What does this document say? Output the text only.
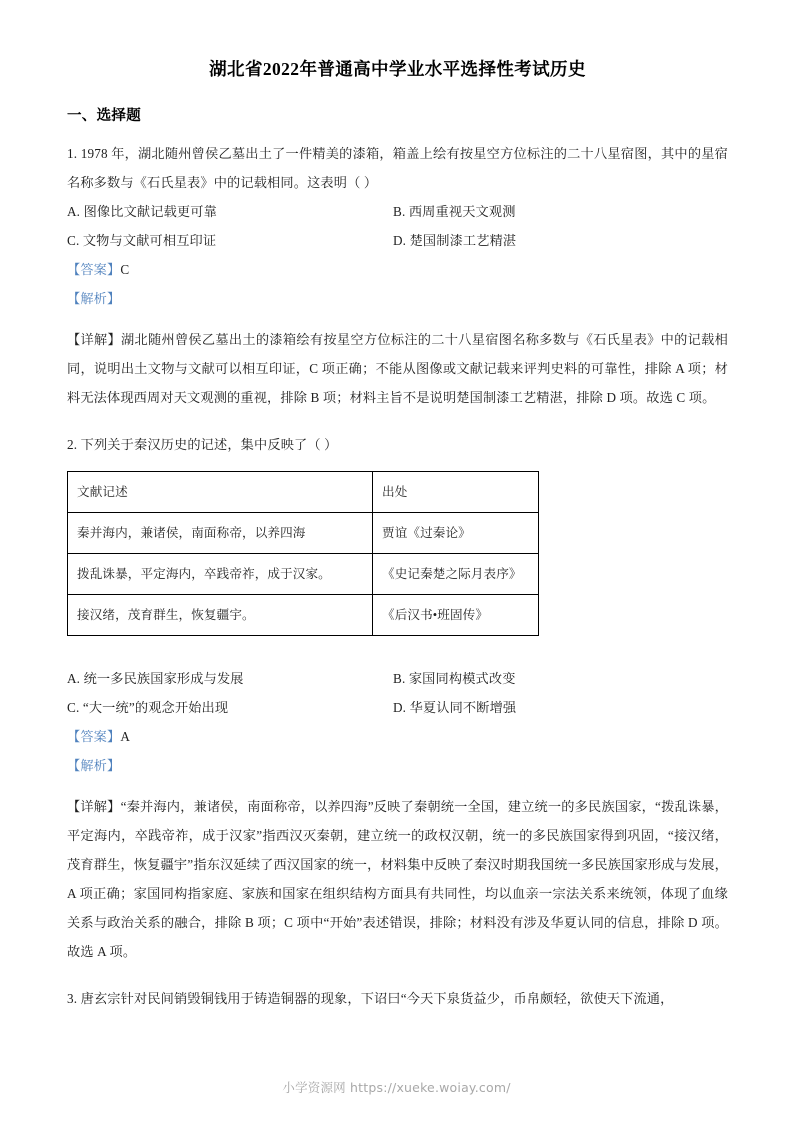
湖北省2022年普通高中学业水平选择性考试历史
一、选择题

1. 1978 年，湖北随州曾侯乙墓出土了一件精美的漆箱，箱盖上绘有按星空方位标注的二十八星宿图，其中的星宿名称多数与《石氏星表》中的记载相同。这表明（ ）

A. 图像比文献记载更可靠	B. 西周重视天文观测
C. 文物与文献可相互印证	D. 楚国制漆工艺精湛
【答案】C
【解析】

【详解】湖北随州曾侯乙墓出土的漆箱绘有按星空方位标注的二十八星宿图名称多数与《石氏星表》中的记载相同，说明出土文物与文献可以相互印证，C 项正确；不能从图像或文献记载来评判史料的可靠性，排除 A 项；材料无法体现西周对天文观测的重视，排除 B 项；材料主旨不是说明楚国制漆工艺精湛，排除 D 项。故选 C 项。

2. 下列关于秦汉历史的记述，集中反映了（ ）

文献记述	出处
秦并海内，兼诸侯，南面称帝，以养四海	贾谊《过秦论》
拨乱诛暴，平定海内，卒践帝祚，成于汉家。	《史记秦楚之际月表序》
接汉绪，茂育群生，恢复疆宇。	《后汉书•班固传》
A. 统一多民族国家形成与发展	B. 家国同构模式改变
C. “大一统”的观念开始出现	D. 华夏认同不断增强
【答案】A
【解析】

【详解】“秦并海内，兼诸侯，南面称帝，以养四海”反映了秦朝统一全国，建立统一的多民族国家，“拨乱诛暴，平定海内，卒践帝祚，成于汉家”指西汉灭秦朝，建立统一的政权汉朝，统一的多民族国家得到巩固，“接汉绪，茂育群生，恢复疆宇”指东汉延续了西汉国家的统一，材料集中反映了秦汉时期我国统一多民族国家形成与发展，A 项正确；家国同构指家庭、家族和国家在组织结构方面具有共同性，均以血亲一宗法关系来统领，体现了血缘关系与政治关系的融合，排除 B 项；C 项中“开始”表述错误，排除；材料没有涉及华夏认同的信息，排除 D 项。故选 A 项。

3. 唐玄宗针对民间销毁铜钱用于铸造铜器的现象，下诏曰“今天下泉货益少，币帛颇轻，欲使天下流通，

小学资源网 https://xueke.woiay.com/
